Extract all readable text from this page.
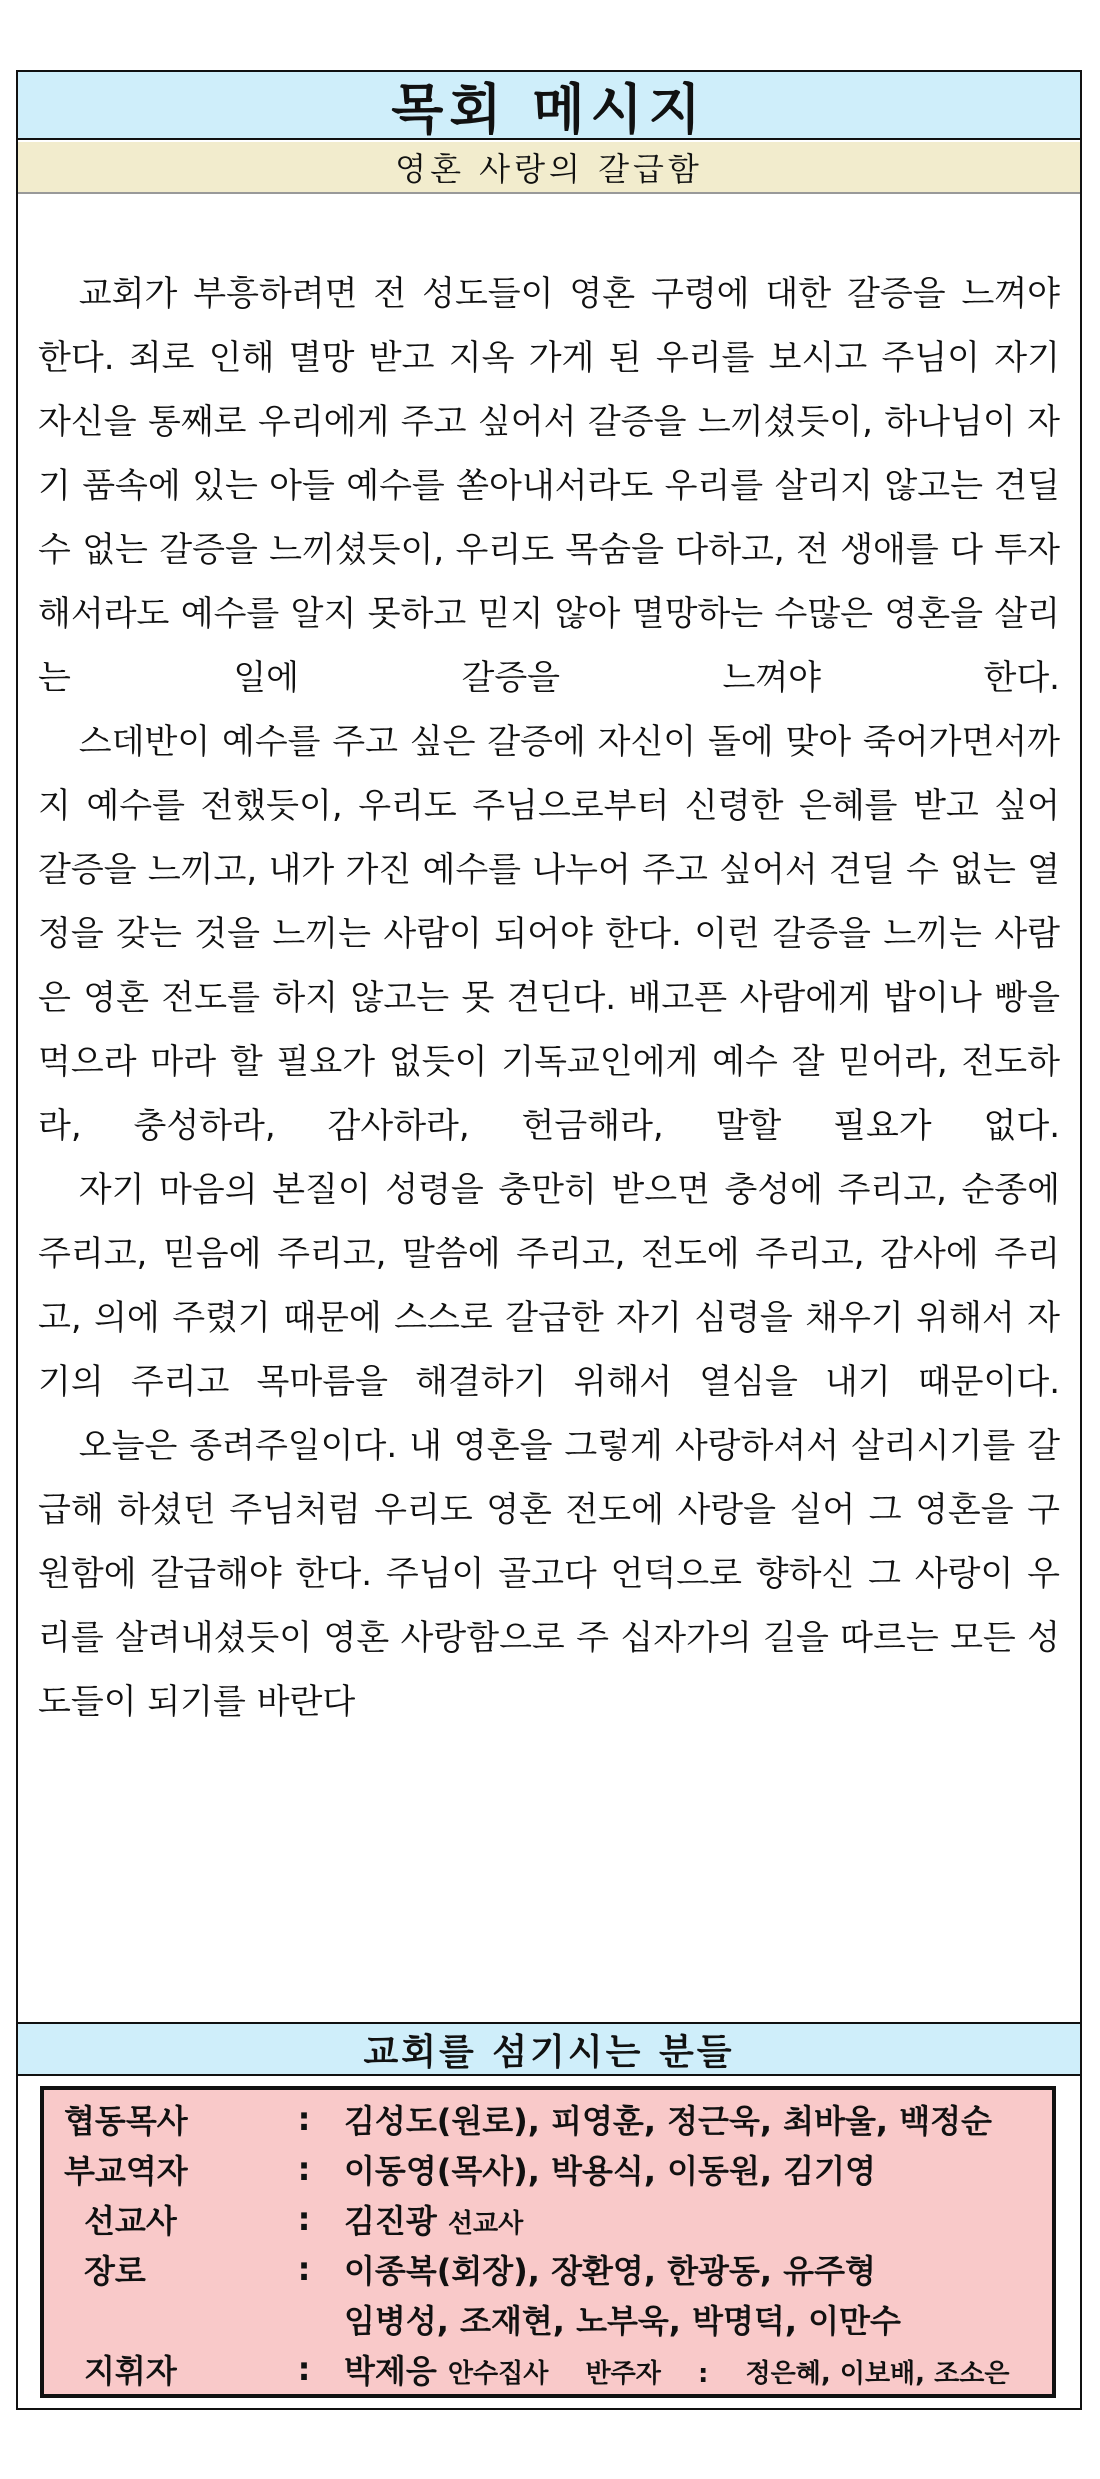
목회 메시지
영혼 사랑의 갈급함

교회가 부흥하려면 전 성도들이 영혼 구령에 대한 갈증을 느껴야 한다. 죄로 인해 멸망 받고 지옥 가게 된 우리를 보시고 주님이 자기 자신을 통째로 우리에게 주고 싶어서 갈증을 느끼셨듯이, 하나님이 자기 품속에 있는 아들 예수를 쏟아내서라도 우리를 살리지 않고는 견딜 수 없는 갈증을 느끼셨듯이, 우리도 목숨을 다하고, 전 생애를 다 투자해서라도 예수를 알지 못하고 믿지 않아 멸망하는 수많은 영혼을 살리는 일에 갈증을 느껴야 한다.

스데반이 예수를 주고 싶은 갈증에 자신이 돌에 맞아 죽어가면서까지 예수를 전했듯이, 우리도 주님으로부터 신령한 은혜를 받고 싶어 갈증을 느끼고, 내가 가진 예수를 나누어 주고 싶어서 견딜 수 없는 열정을 갖는 것을 느끼는 사람이 되어야 한다. 이런 갈증을 느끼는 사람은 영혼 전도를 하지 않고는 못 견딘다. 배고픈 사람에게 밥이나 빵을 먹으라 마라 할 필요가 없듯이 기독교인에게 예수 잘 믿어라, 전도하라, 충성하라, 감사하라, 헌금해라, 말할 필요가 없다.

자기 마음의 본질이 성령을 충만히 받으면 충성에 주리고, 순종에 주리고, 믿음에 주리고, 말씀에 주리고, 전도에 주리고, 감사에 주리고, 의에 주렸기 때문에 스스로 갈급한 자기 심령을 채우기 위해서 자기의 주리고 목마름을 해결하기 위해서 열심을 내기 때문이다.

오늘은 종려주일이다. 내 영혼을 그렇게 사랑하셔서 살리시기를 갈급해 하셨던 주님처럼 우리도 영혼 전도에 사랑을 실어 그 영혼을 구원함에 갈급해야 한다. 주님이 골고다 언덕으로 향하신 그 사랑이 우리를 살려내셨듯이 영혼 사랑함으로 주 십자가의 길을 따르는 모든 성도들이 되기를 바란다

교회를 섬기시는 분들
협동목사	:	김성도(원로), 피영훈, 정근욱, 최바울, 백정순
부교역자	:	이동영(목사), 박용식, 이동원, 김기영
선교사	:	김진광 선교사
장로	:	이종복(회장), 장환영, 한광동, 유주형
임병성, 조재현, 노부욱, 박명덕, 이만수
지휘자	:	박제응 안수집사 반주자 : 정은혜, 이보배, 조소은
